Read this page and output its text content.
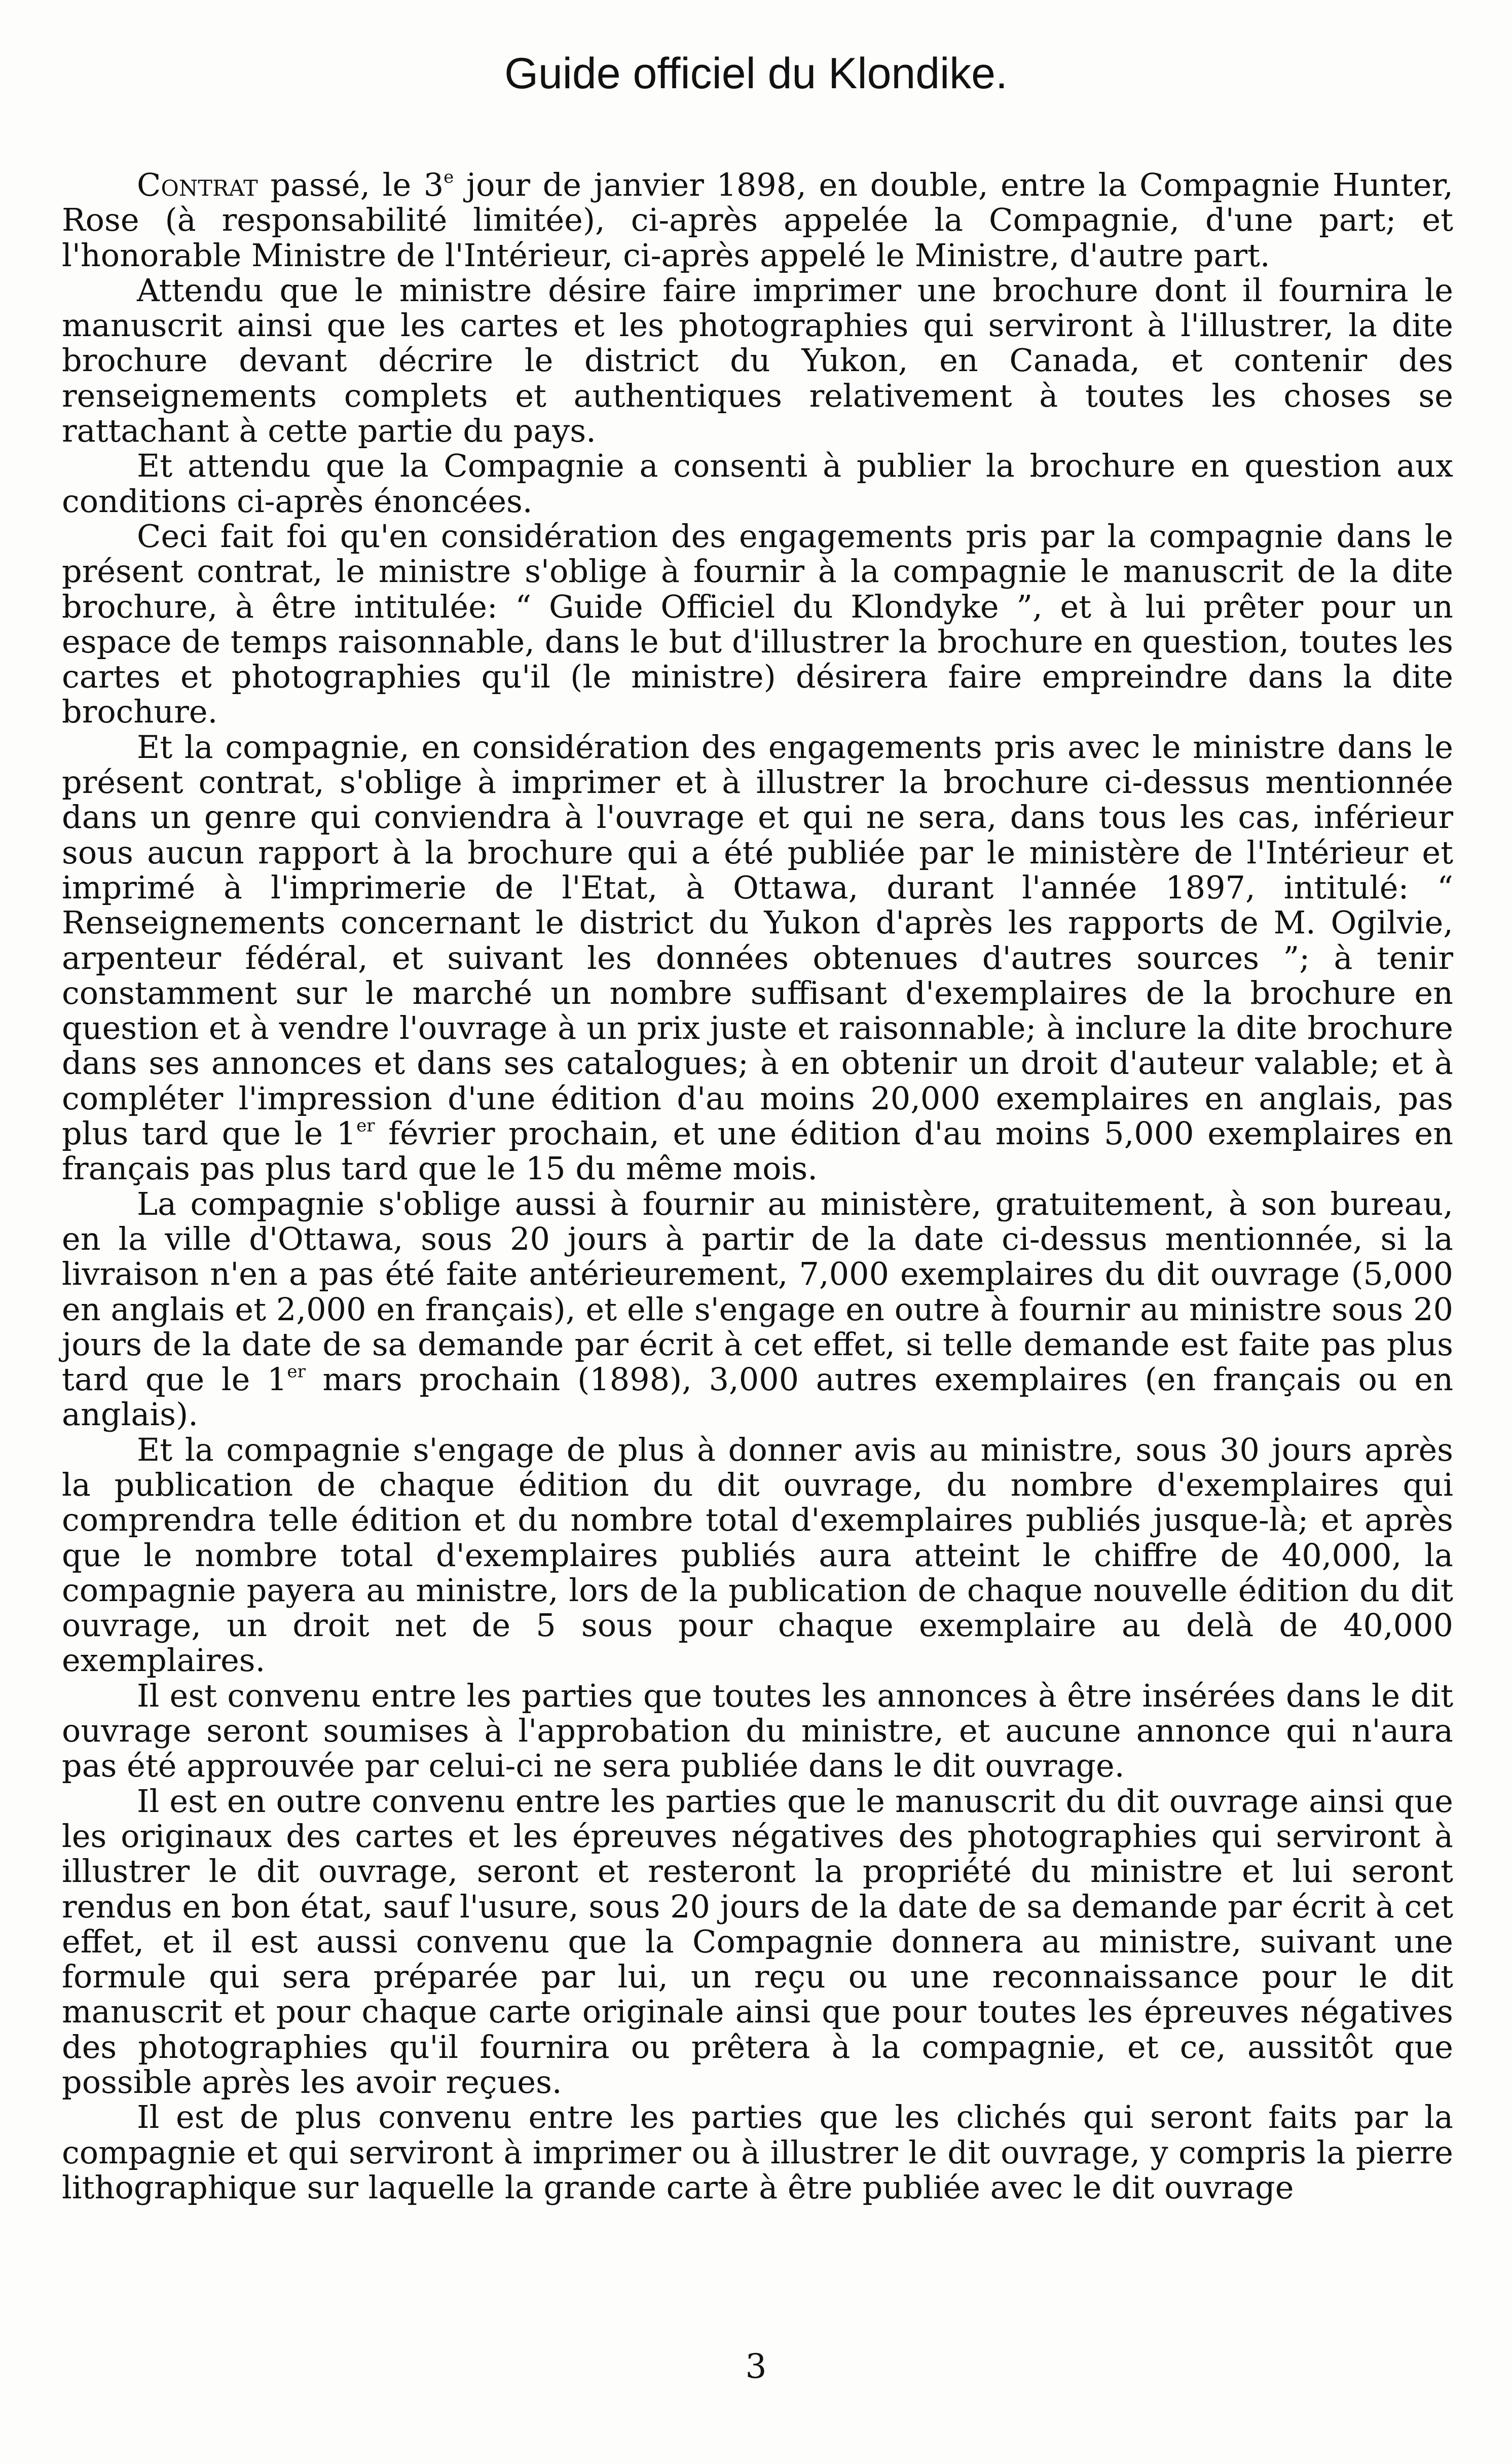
Guide officiel du Klondike.

Contrat passé, le 3e jour de janvier 1898, en double, entre la Compagnie Hunter, Rose (à responsabilité limitée), ci-après appelée la Compagnie, d'une part; et l'honorable Ministre de l'Intérieur, ci-après appelé le Ministre, d'autre part.

Attendu que le ministre désire faire imprimer une brochure dont il fournira le manuscrit ainsi que les cartes et les photographies qui serviront à l'illustrer, la dite brochure devant décrire le district du Yukon, en Canada, et contenir des renseignements complets et authentiques relativement à toutes les choses se rattachant à cette partie du pays.

Et attendu que la Compagnie a consenti à publier la brochure en question aux conditions ci-après énoncées.

Ceci fait foi qu'en considération des engagements pris par la compagnie dans le présent contrat, le ministre s'oblige à fournir à la compagnie le manuscrit de la dite brochure, à être intitulée: “ Guide Officiel du Klondyke ”, et à lui prêter pour un espace de temps raisonnable, dans le but d'illustrer la brochure en question, toutes les cartes et photographies qu'il (le ministre) désirera faire empreindre dans la dite brochure.

Et la compagnie, en considération des engagements pris avec le ministre dans le présent contrat, s'oblige à imprimer et à illustrer la brochure ci-dessus mentionnée dans un genre qui conviendra à l'ouvrage et qui ne sera, dans tous les cas, inférieur sous aucun rapport à la brochure qui a été publiée par le ministère de l'Intérieur et imprimé à l'imprimerie de l'Etat, à Ottawa, durant l'année 1897, intitulé: “ Renseignements concernant le district du Yukon d'après les rapports de M. Ogilvie, arpenteur fédéral, et suivant les données obtenues d'autres sources ”; à tenir constamment sur le marché un nombre suffisant d'exemplaires de la brochure en question et à vendre l'ouvrage à un prix juste et raisonnable; à inclure la dite brochure dans ses annonces et dans ses catalogues; à en obtenir un droit d'auteur valable; et à compléter l'impression d'une édition d'au moins 20,000 exemplaires en anglais, pas plus tard que le 1er février prochain, et une édition d'au moins 5,000 exemplaires en français pas plus tard que le 15 du même mois.

La compagnie s'oblige aussi à fournir au ministère, gratuitement, à son bureau, en la ville d'Ottawa, sous 20 jours à partir de la date ci-dessus mentionnée, si la livraison n'en a pas été faite antérieurement, 7,000 exemplaires du dit ouvrage (5,000 en anglais et 2,000 en français), et elle s'engage en outre à fournir au ministre sous 20 jours de la date de sa demande par écrit à cet effet, si telle demande est faite pas plus tard que le 1er mars prochain (1898), 3,000 autres exemplaires (en français ou en anglais).

Et la compagnie s'engage de plus à donner avis au ministre, sous 30 jours après la publication de chaque édition du dit ouvrage, du nombre d'exemplaires qui comprendra telle édition et du nombre total d'exemplaires publiés jusque-là; et après que le nombre total d'exemplaires publiés aura atteint le chiffre de 40,000, la compagnie payera au ministre, lors de la publication de chaque nouvelle édition du dit ouvrage, un droit net de 5 sous pour chaque exemplaire au delà de 40,000 exemplaires.

Il est convenu entre les parties que toutes les annonces à être insérées dans le dit ouvrage seront soumises à l'approbation du ministre, et aucune annonce qui n'aura pas été approuvée par celui-ci ne sera publiée dans le dit ouvrage.

Il est en outre convenu entre les parties que le manuscrit du dit ouvrage ainsi que les originaux des cartes et les épreuves négatives des photographies qui serviront à illustrer le dit ouvrage, seront et resteront la propriété du ministre et lui seront rendus en bon état, sauf l'usure, sous 20 jours de la date de sa demande par écrit à cet effet, et il est aussi convenu que la Compagnie donnera au ministre, suivant une formule qui sera préparée par lui, un reçu ou une reconnaissance pour le dit manuscrit et pour chaque carte originale ainsi que pour toutes les épreuves négatives des photographies qu'il fournira ou prêtera à la compagnie, et ce, aussitôt que possible après les avoir reçues.

Il est de plus convenu entre les parties que les clichés qui seront faits par la compagnie et qui serviront à imprimer ou à illustrer le dit ouvrage, y compris la pierre lithographique sur laquelle la grande carte à être publiée avec le dit ouvrage

3
